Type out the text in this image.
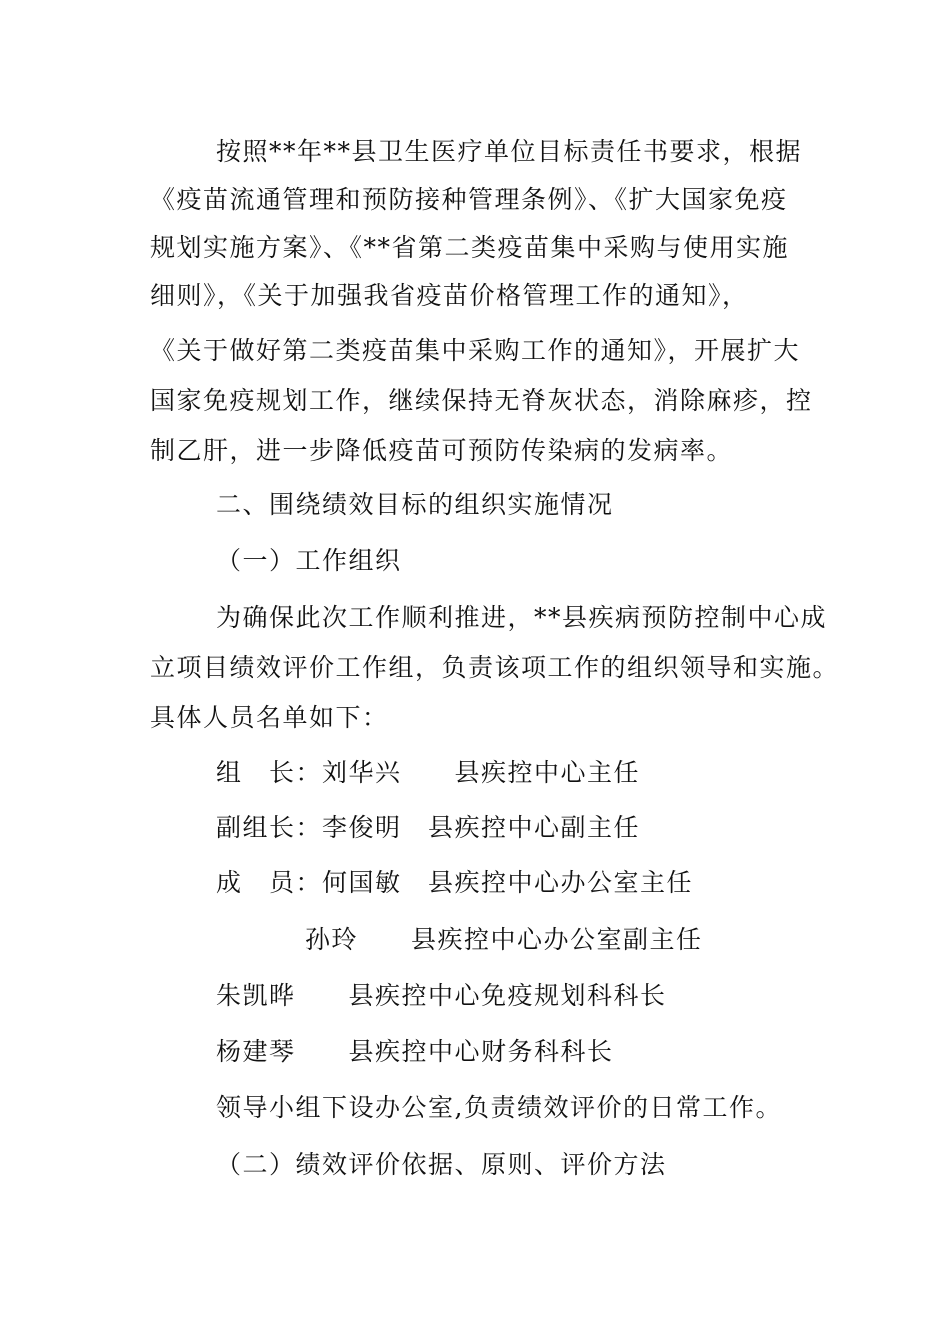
按照**年**县卫生医疗单位目标责任书要求，根据
《疫苗流通管理和预防接种管理条例》、《扩大国家免疫
规划实施方案》、《**省第二类疫苗集中采购与使用实施
细则》，《关于加强我省疫苗价格管理工作的通知》，
《关于做好第二类疫苗集中采购工作的通知》，开展扩大
国家免疫规划工作，继续保持无脊灰状态，消除麻疹，控
制乙肝，进一步降低疫苗可预防传染病的发病率。
二、围绕绩效目标的组织实施情况
（一）工作组织
为确保此次工作顺利推进，**县疾病预防控制中心成
立项目绩效评价工作组，负责该项工作的组织领导和实施。
具体人员名单如下：
组　长：刘华兴　　县疾控中心主任
副组长：李俊明　县疾控中心副主任
成　员：何国敏　县疾控中心办公室主任
孙玲　　县疾控中心办公室副主任
朱凯晔　　县疾控中心免疫规划科科长
杨建琴　　县疾控中心财务科科长
领导小组下设办公室,负责绩效评价的日常工作。
（二）绩效评价依据、原则、评价方法
